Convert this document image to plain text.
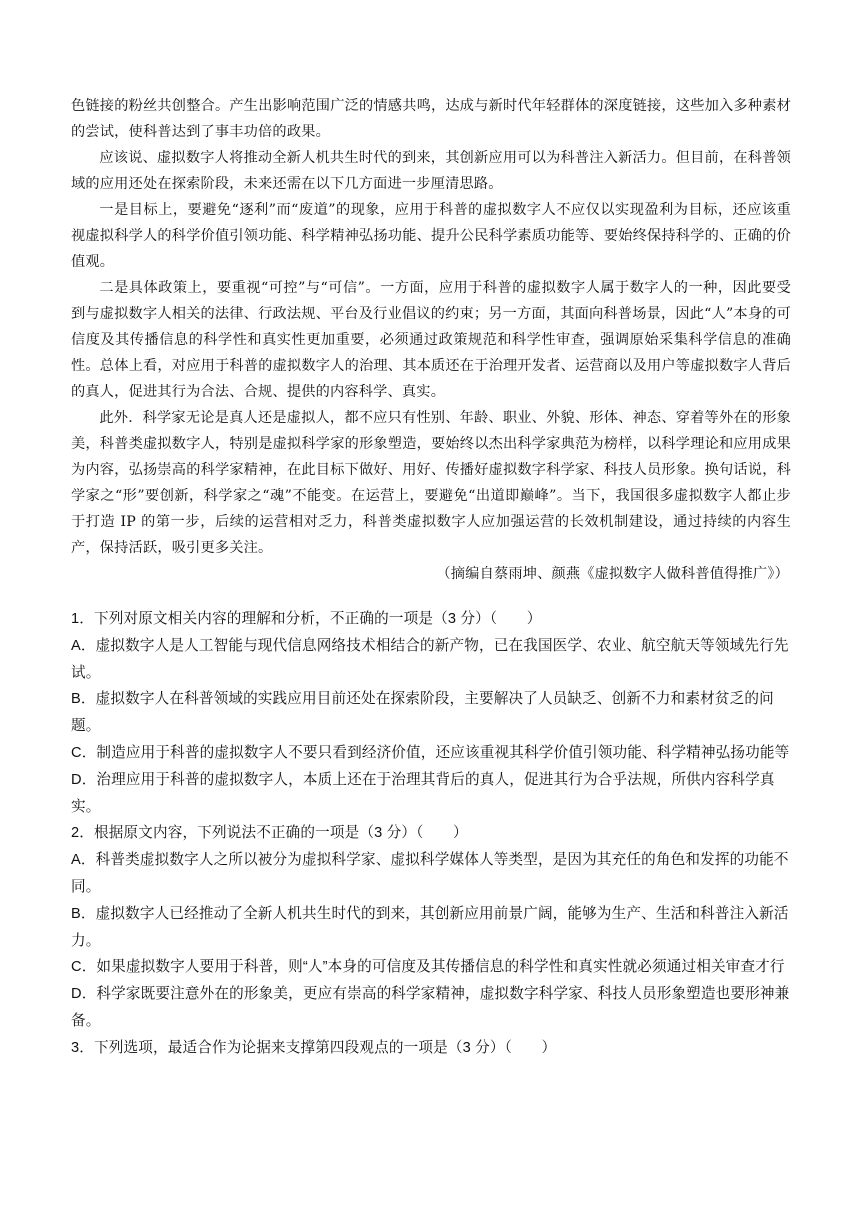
色链接的粉丝共创整合。产生出影响范围广泛的情感共鸣，达成与新时代年轻群体的深度链接，这些加入多种素材的尝试，使科普达到了事丰功倍的政果。

应该说、虚拟数字人将推动全新人机共生时代的到来，其创新应用可以为科普注入新活力。但目前，在科普领域的应用还处在探索阶段，未来还需在以下几方面进一步厘清思路。

一是目标上，要避免“逐利”而“废道”的现象，应用于科普的虚拟数字人不应仅以实现盈利为目标，还应该重视虚拟科学人的科学价值引领功能、科学精神弘扬功能、提升公民科学素质功能等、要始终保持科学的、正确的价值观。

二是具体政策上，要重视“可控”与“可信”。一方面，应用于科普的虚拟数字人属于数字人的一种，因此要受到与虚拟数字人相关的法律、行政法规、平台及行业倡议的约束；另一方面，其面向科普场景，因此“人”本身的可信度及其传播信息的科学性和真实性更加重要，必须通过政策规范和科学性审查，强调原始采集科学信息的准确性。总体上看，对应用于科普的虚拟数字人的治理、其本质还在于治理开发者、运营商以及用户等虚拟数字人背后的真人，促进其行为合法、合规、提供的内容科学、真实。

此外．科学家无论是真人还是虚拟人，都不应只有性别、年龄、职业、外貌、形体、神态、穿着等外在的形象美，科普类虚拟数字人，特别是虚拟科学家的形象塑造，要始终以杰出科学家典范为榜样，以科学理论和应用成果为内容，弘扬崇高的科学家精神，在此目标下做好、用好、传播好虚拟数字科学家、科技人员形象。换句话说，科学家之“形”要创新，科学家之“魂”不能变。在运营上，要避免“出道即巅峰”。当下，我国很多虚拟数字人都止步于打造 IP 的第一步，后续的运营相对乏力，科普类虚拟数字人应加强运营的长效机制建设，通过持续的内容生产，保持活跃，吸引更多关注。

（摘编自蔡雨坤、颜燕《虚拟数字人做科普值得推广》）

1．下列对原文相关内容的理解和分析，不正确的一项是（3 分）（　　）

A．虚拟数字人是人工智能与现代信息网络技术相结合的新产物，已在我国医学、农业、航空航天等领域先行先试。

B．虚拟数字人在科普领域的实践应用目前还处在探索阶段，主要解决了人员缺乏、创新不力和素材贫乏的问题。

C．制造应用于科普的虚拟数字人不要只看到经济价值，还应该重视其科学价值引领功能、科学精神弘扬功能等

D．治理应用于科普的虚拟数字人，本质上还在于治理其背后的真人，促进其行为合乎法规，所供内容科学真实。

2．根据原文内容，下列说法不正确的一项是（3 分）（　　）

A．科普类虚拟数字人之所以被分为虚拟科学家、虚拟科学媒体人等类型，是因为其充任的角色和发挥的功能不同。

B．虚拟数字人已经推动了全新人机共生时代的到来，其创新应用前景广阔，能够为生产、生活和科普注入新活力。

C．如果虚拟数字人要用于科普，则“人”本身的可信度及其传播信息的科学性和真实性就必须通过相关审查才行

D．科学家既要注意外在的形象美，更应有崇高的科学家精神，虚拟数字科学家、科技人员形象塑造也要形神兼备。

3．下列选项，最适合作为论据来支撑第四段观点的一项是（3 分）（　　）
